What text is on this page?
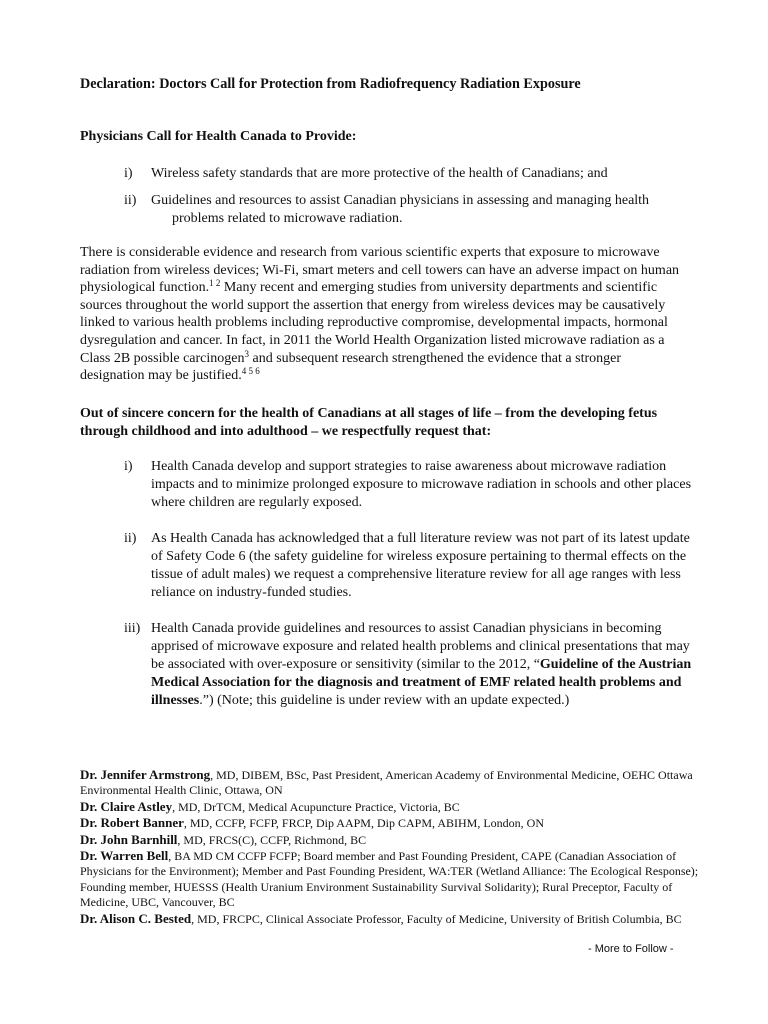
Declaration: Doctors Call for Protection from Radiofrequency Radiation Exposure
Physicians Call for Health Canada to Provide:
i) Wireless safety standards that are more protective of the health of Canadians; and
ii) Guidelines and resources to assist Canadian physicians in assessing and managing health
problems related to microwave radiation.
There is considerable evidence and research from various scientific experts that exposure to microwave radiation from wireless devices; Wi-Fi, smart meters and cell towers can have an adverse impact on human physiological function.$^{1 2}$ Many recent and emerging studies from university departments and scientific sources throughout the world support the assertion that energy from wireless devices may be causatively linked to various health problems including reproductive compromise, developmental impacts, hormonal dysregulation and cancer. In fact, in 2011 the World Health Organization listed microwave radiation as a Class 2B possible carcinogen$^3$ and subsequent research strengthened the evidence that a stronger designation may be justified.$^{4 5 6}$
Out of sincere concern for the health of Canadians at all stages of life – from the developing fetus through childhood and into adulthood – we respectfully request that:
i) Health Canada develop and support strategies to raise awareness about microwave radiation impacts and to minimize prolonged exposure to microwave radiation in schools and other places where children are regularly exposed.
ii) As Health Canada has acknowledged that a full literature review was not part of its latest update of Safety Code 6 (the safety guideline for wireless exposure pertaining to thermal effects on the tissue of adult males) we request a comprehensive literature review for all age ranges with less reliance on industry-funded studies.
iii) Health Canada provide guidelines and resources to assist Canadian physicians in becoming apprised of microwave exposure and related health problems and clinical presentations that may be associated with over-exposure or sensitivity (similar to the 2012, “Guideline of the Austrian Medical Association for the diagnosis and treatment of EMF related health problems and illnesses.”) (Note; this guideline is under review with an update expected.)

Dr. Jennifer Armstrong, MD, DIBEM, BSc, Past President, American Academy of Environmental Medicine, OEHC Ottawa Environmental Health Clinic, Ottawa, ON

Dr. Claire Astley, MD, DrTCM, Medical Acupuncture Practice, Victoria, BC

Dr. Robert Banner, MD, CCFP, FCFP, FRCP, Dip AAPM, Dip CAPM, ABIHM, London, ON

Dr. John Barnhill, MD, FRCS(C), CCFP, Richmond, BC

Dr. Warren Bell, BA MD CM CCFP FCFP; Board member and Past Founding President, CAPE (Canadian Association of Physicians for the Environment); Member and Past Founding President, WA:TER (Wetland Alliance: The Ecological Response); Founding member, HUESSS (Health Uranium Environment Sustainability Survival Solidarity); Rural Preceptor, Faculty of Medicine, UBC, Vancouver, BC

Dr. Alison C. Bested, MD, FRCPC, Clinical Associate Professor, Faculty of Medicine, University of British Columbia, BC

- More to Follow -
